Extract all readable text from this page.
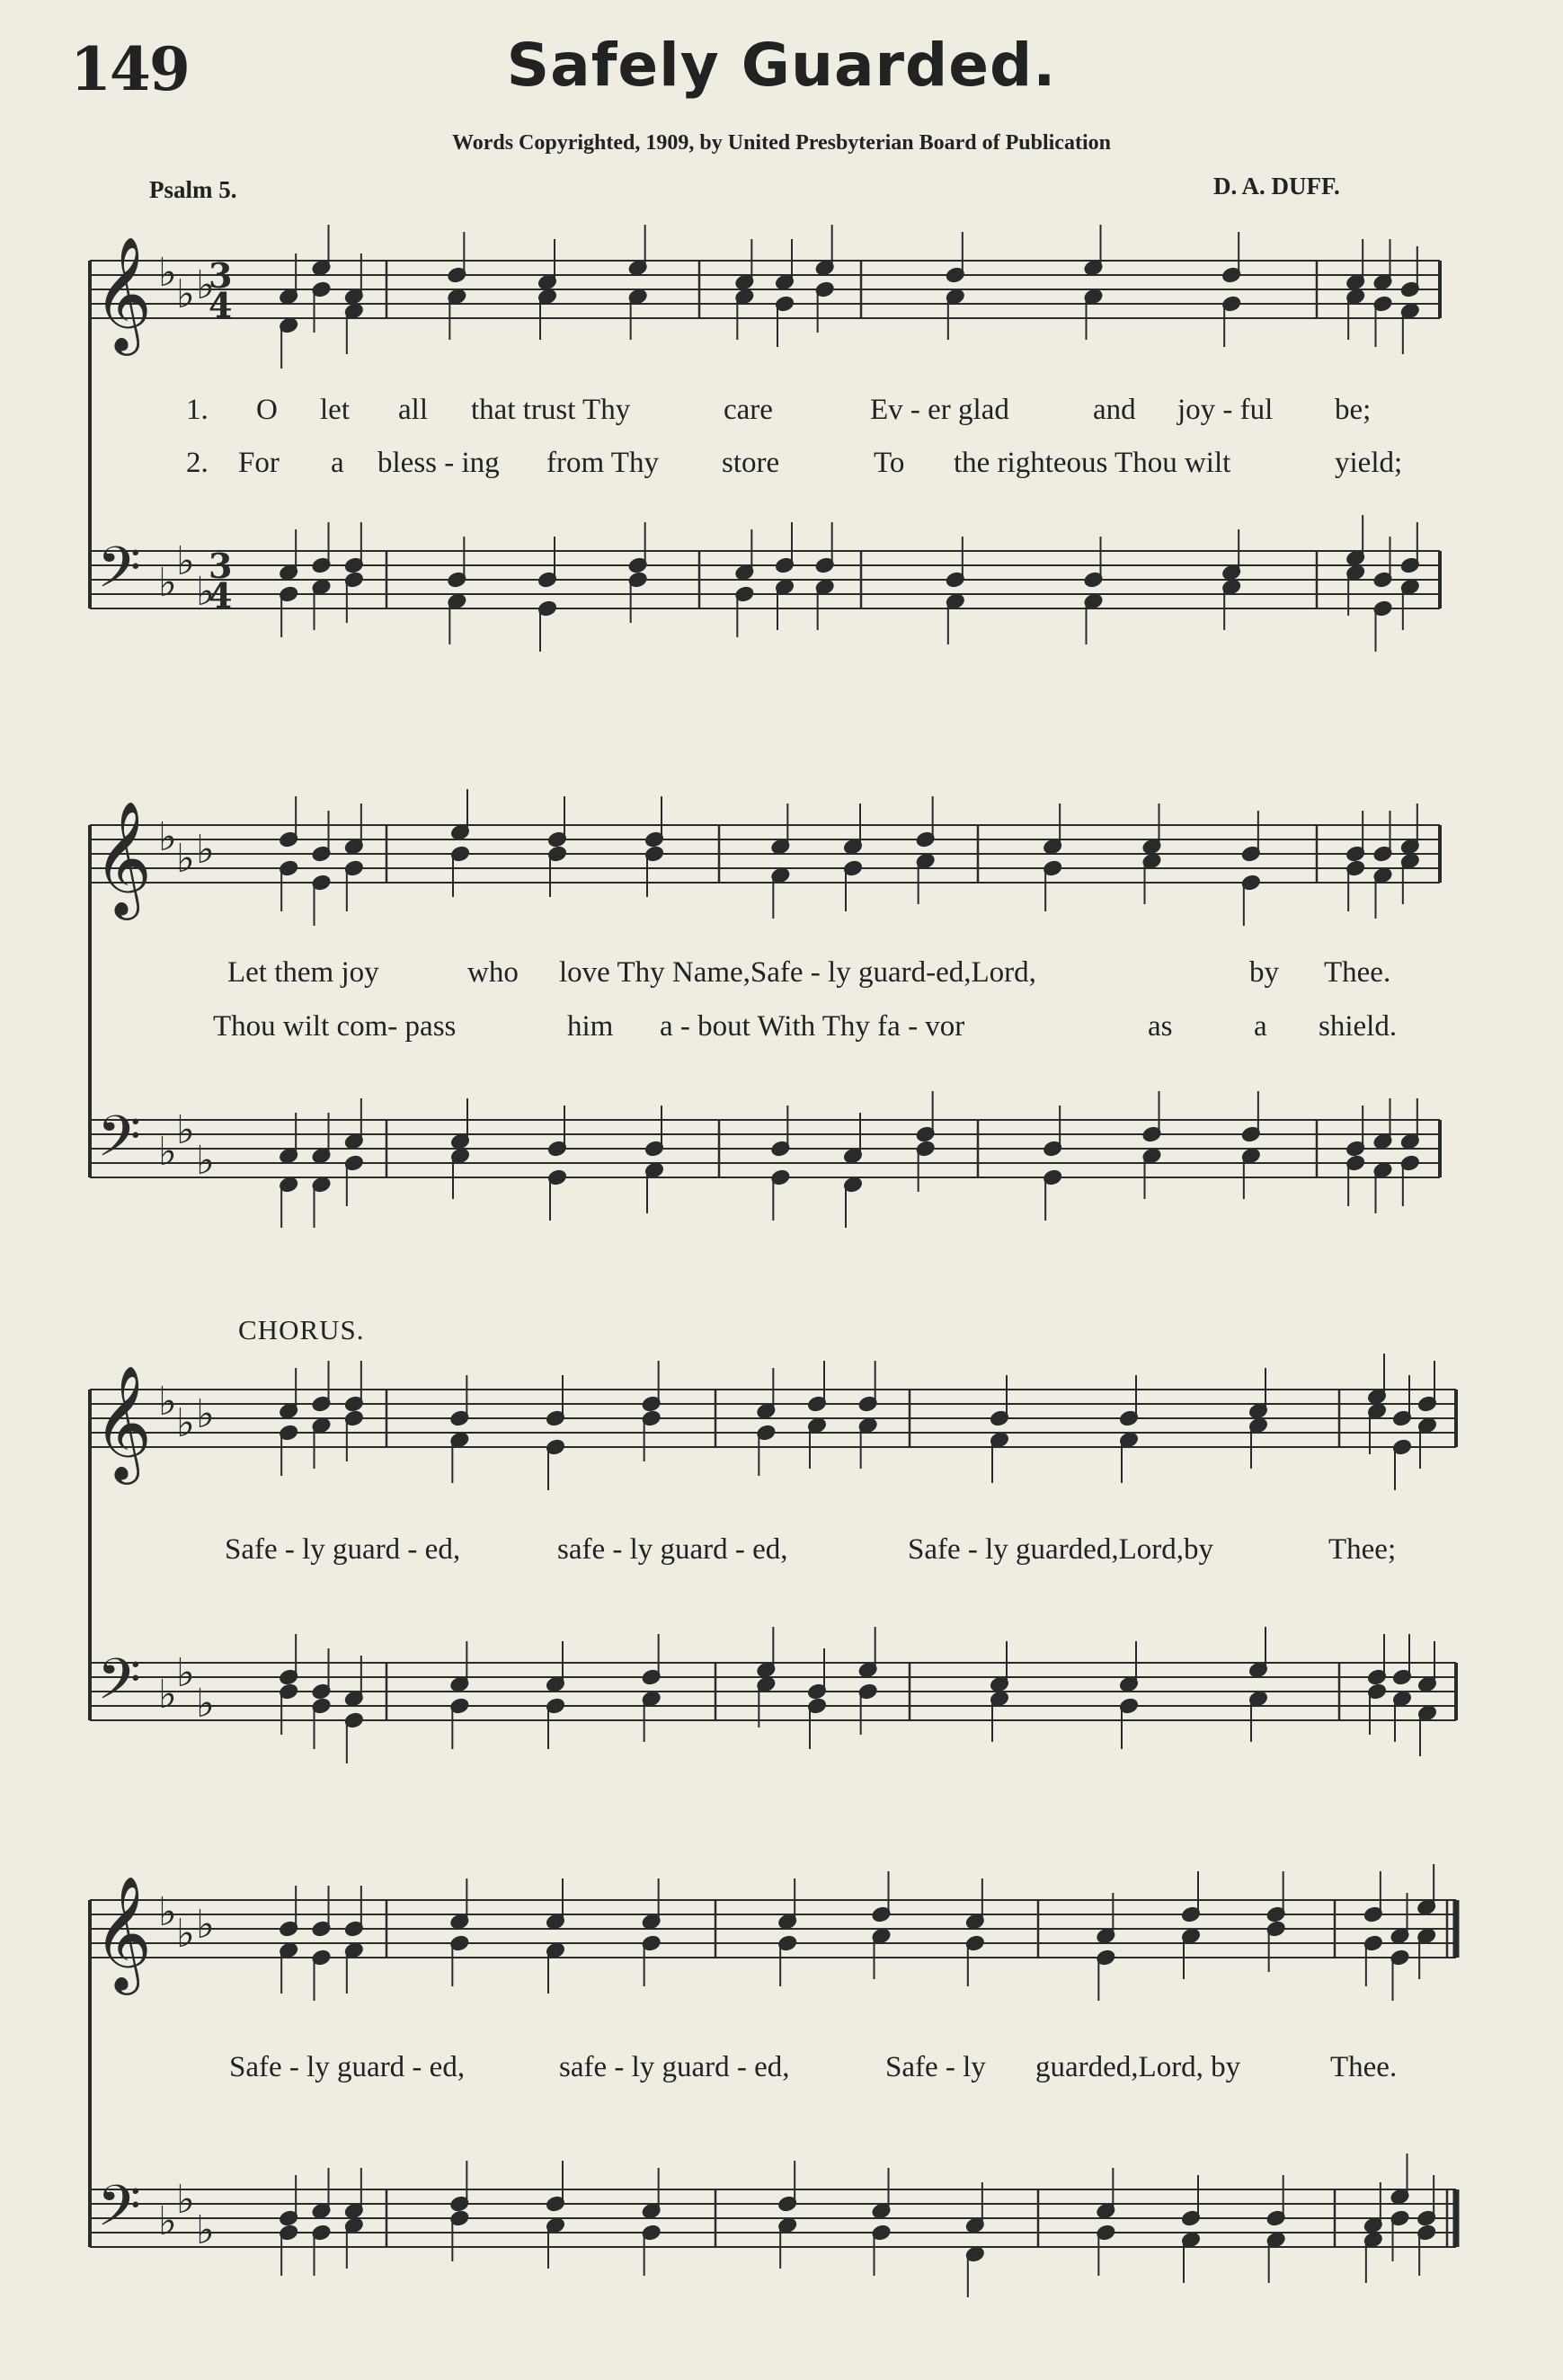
149	Safely Guarded.
Words Copyrighted, 1909, by United Presbyterian Board of Publication
Psalm 5.	D. A. DUFF.
1. O let all that trust Thy	care	Ev - er glad	and joy - ful be;
2. For a bless - ing from Thy store	To the righteous Thou wilt	yield;
Let them joy	who love Thy Name,Safe - ly guard-ed,Lord,	by Thee.
Thou wilt com- pass	him a - bout With Thy fa - vor	as	a shield.
CHORUS.
Safe - ly guard - ed,	safe - ly guard - ed,	Safe - ly guarded,Lord,by	Thee;
Safe - ly guard - ed,	safe - ly guard - ed,	Safe - ly guarded,Lord, by	Thee.
3
4
3
4
𝄞 ♭ ♭ ♭
𝄢 ♭ ♭
♭
𝄞 ♭ ♭ ♭
𝄢 ♭ ♭
♭
𝄞 ♭ ♭ ♭
𝄢 ♭ ♭
♭
𝄞 ♭ ♭ ♭
𝄢 ♭ ♭
♭
